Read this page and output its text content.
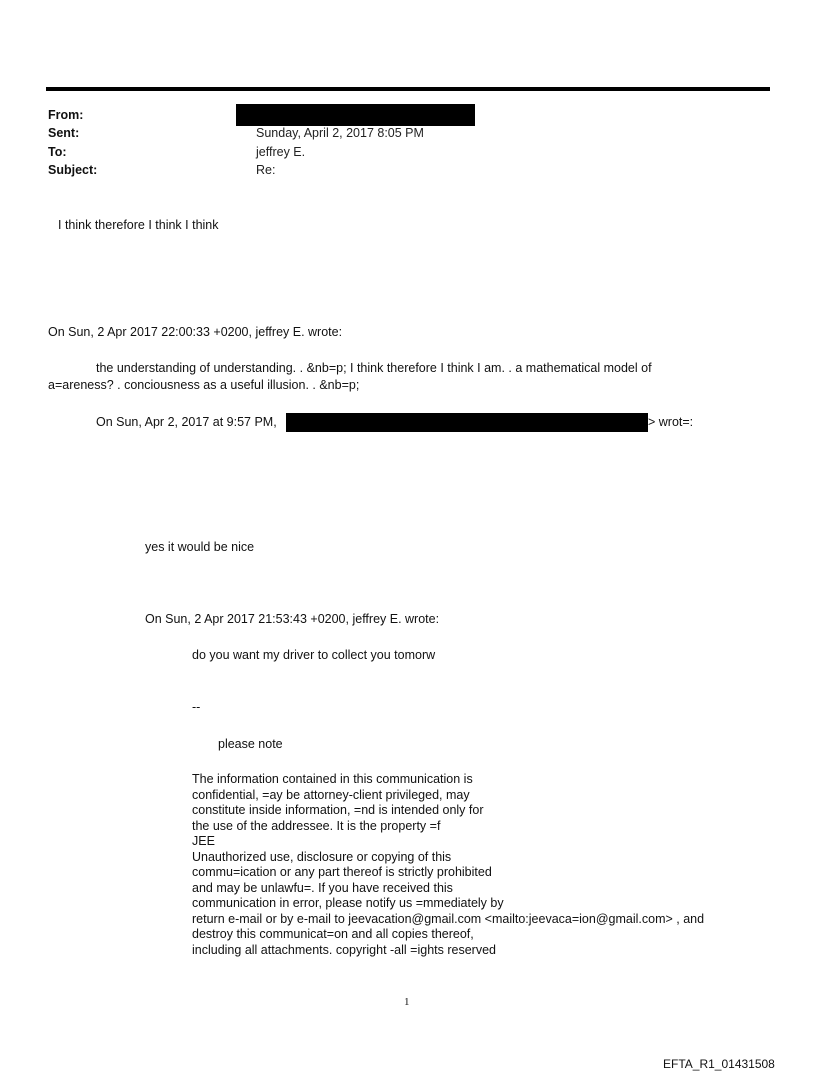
From:
Sent:	Sunday, April 2, 2017 8:05 PM
To:	jeffrey E.
Subject:	Re:
I think therefore I think I think
On Sun, 2 Apr 2017 22:00:33 +0200, jeffrey E. wrote:
the understanding of understanding. . &nb=p; I think therefore I think I am. . a mathematical model of
a=areness? . conciousness as a useful illusion. . &nb=p;
On Sun, Apr 2, 2017 at 9:57 PM,	> wrot=:
yes it would be nice
On Sun, 2 Apr 2017 21:53:43 +0200, jeffrey E. wrote:
do you want my driver to collect you tomorw
--
please note
The information contained in this communication is
confidential, =ay be attorney-client privileged, may
constitute inside information, =nd is intended only for
the use of the addressee. It is the property =f
JEE
Unauthorized use, disclosure or copying of this
commu=ication or any part thereof is strictly prohibited
and may be unlawfu=. If you have received this
communication in error, please notify us =mmediately by
return e-mail or by e-mail to jeevacation@gmail.com <mailto:jeevaca=ion@gmail.com> , and
destroy this communicat=on and all copies thereof,
including all attachments. copyright -all =ights reserved
1
EFTA_R1_01431508
